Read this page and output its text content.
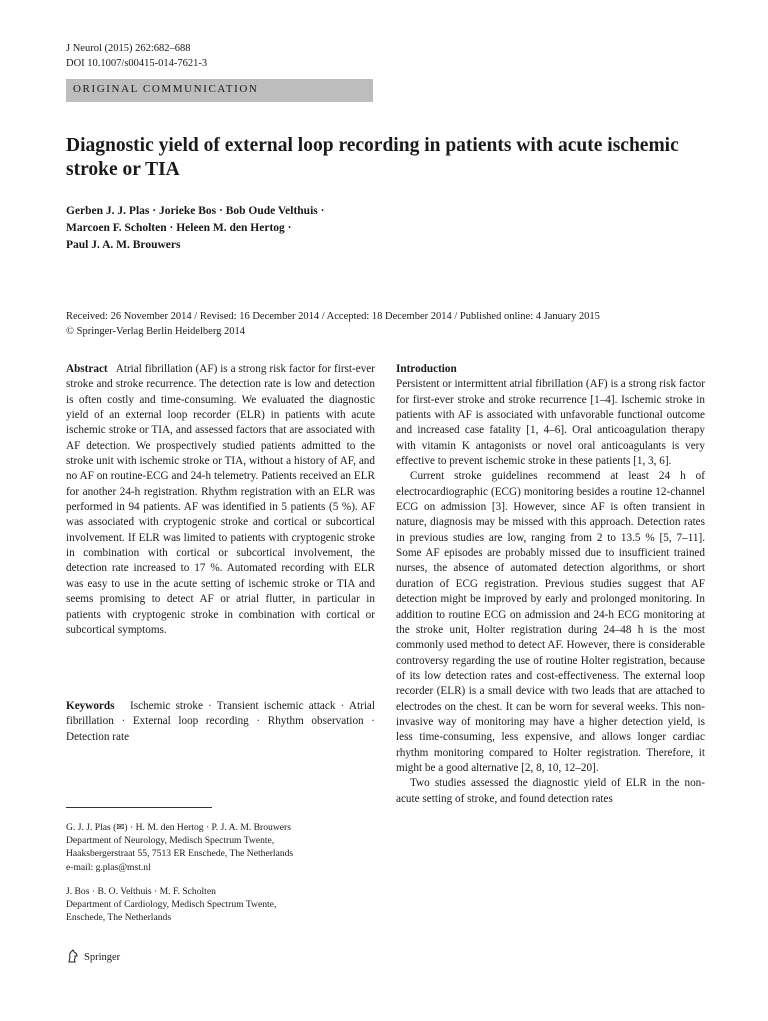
J Neurol (2015) 262:682–688
DOI 10.1007/s00415-014-7621-3
ORIGINAL COMMUNICATION
Diagnostic yield of external loop recording in patients with acute ischemic stroke or TIA
Gerben J. J. Plas · Jorieke Bos · Bob Oude Velthuis ·
Marcoen F. Scholten · Heleen M. den Hertog ·
Paul J. A. M. Brouwers
Received: 26 November 2014 / Revised: 16 December 2014 / Accepted: 18 December 2014 / Published online: 4 January 2015
© Springer-Verlag Berlin Heidelberg 2014
Abstract Atrial fibrillation (AF) is a strong risk factor for first-ever stroke and stroke recurrence. The detection rate is low and detection is often costly and time-consuming. We evaluated the diagnostic yield of an external loop recorder (ELR) in patients with acute ischemic stroke or TIA, and assessed factors that are associated with AF detection. We prospectively studied patients admitted to the stroke unit with ischemic stroke or TIA, without a history of AF, and no AF on routine-ECG and 24-h telemetry. Patients received an ELR for another 24-h registration. Rhythm registration with an ELR was performed in 94 patients. AF was identified in 5 patients (5 %). AF was associated with cryptogenic stroke and cortical or subcortical involvement. If ELR was limited to patients with cryptogenic stroke in combination with cortical or subcortical involvement, the detection rate increased to 17 %. Automated recording with ELR was easy to use in the acute setting of ischemic stroke or TIA and seems promising to detect AF or atrial flutter, in particular in patients with cryptogenic stroke in combination with cortical or subcortical symptoms.
Keywords Ischemic stroke · Transient ischemic attack · Atrial fibrillation · External loop recording · Rhythm observation · Detection rate

G. J. J. Plas (✉) · H. M. den Hertog · P. J. A. M. Brouwers

Department of Neurology, Medisch Spectrum Twente,

Haaksbergerstraat 55, 7513 ER Enschede, The Netherlands

e-mail: g.plas@mst.nl

J. Bos · B. O. Velthuis · M. F. Scholten

Department of Cardiology, Medisch Spectrum Twente,

Enschede, The Netherlands

Introduction

Persistent or intermittent atrial fibrillation (AF) is a strong risk factor for first-ever stroke and stroke recurrence [1–4]. Ischemic stroke in patients with AF is associated with unfavorable functional outcome and increased case fatality [1, 4–6]. Oral anticoagulation therapy with vitamin K antagonists or novel oral anticoagulants is very effective to prevent ischemic stroke in these patients [1, 3, 6].

Current stroke guidelines recommend at least 24 h of electrocardiographic (ECG) monitoring besides a routine 12-channel ECG on admission [3]. However, since AF is often transient in nature, diagnosis may be missed with this approach. Detection rates in previous studies are low, ranging from 2 to 13.5 % [5, 7–11]. Some AF episodes are probably missed due to insufficient trained nurses, the absence of automated detection algorithms, or short duration of ECG registration. Previous studies suggest that AF detection might be improved by early and prolonged monitoring. In addition to routine ECG on admission and 24-h ECG monitoring at the stroke unit, Holter registration during 24–48 h is the most commonly used method to detect AF. However, there is considerable controversy regarding the use of routine Holter registration, because of its low detection rates and cost-effectiveness. The external loop recorder (ELR) is a small device with two leads that are attached to electrodes on the chest. It can be worn for several weeks. This non-invasive way of monitoring may have a higher detection yield, is less time-consuming, less expensive, and allows longer cardiac rhythm monitoring compared to Holter registration. Therefore, it might be a good alternative [2, 8, 10, 12–20].

Two studies assessed the diagnostic yield of ELR in the non-acute setting of stroke, and found detection rates

Springer
